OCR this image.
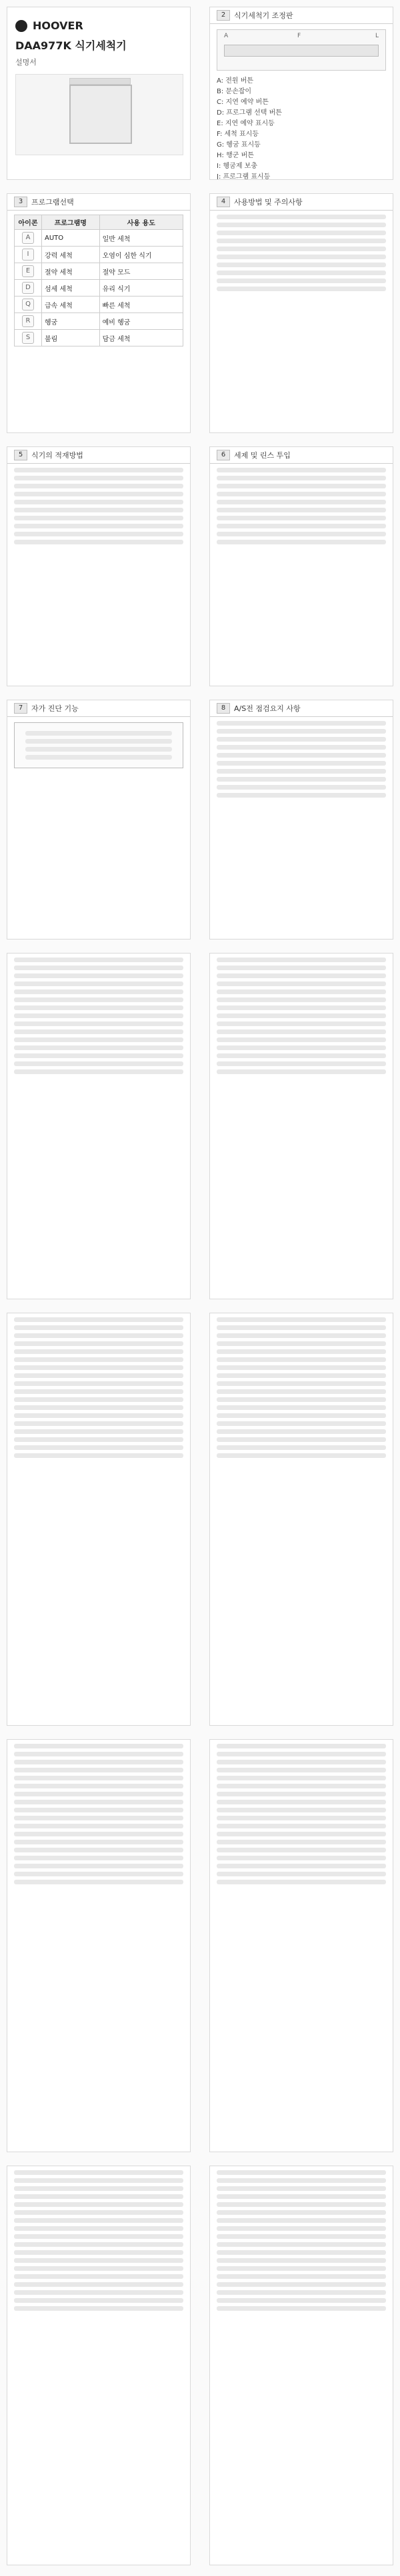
HOOVER
DAA977K 식기세척기
설명서
2	식기세척기 조정판
A	F	L
A: 전원 버튼
B: 문손잡이
C: 지연 예약 버튼
D: 프로그램 선택 버튼
E: 지연 예약 표시등
F: 세척 표시등
G: 헹굼 표시등
H: 행군 버튼
I: 헹굼제 보충
J: 프로그램 표시등

3	프로그램선택
아이콘	프로그램명	사용 용도
A	AUTO	일반 세척
I	강력 세척	오염이 심한 식기
E	절약 세척	절약 모드
D	섬세 세척	유리 식기
Q	급속 세척	빠른 세척
R	헹굼	예비 헹굼
S	불림	담금 세척
4	사용방법 및 주의사항
5	식기의 적재방법	6	세제 및 린스 투입
7	자가 진단 기능	8	A/S전 점검요지 사항
